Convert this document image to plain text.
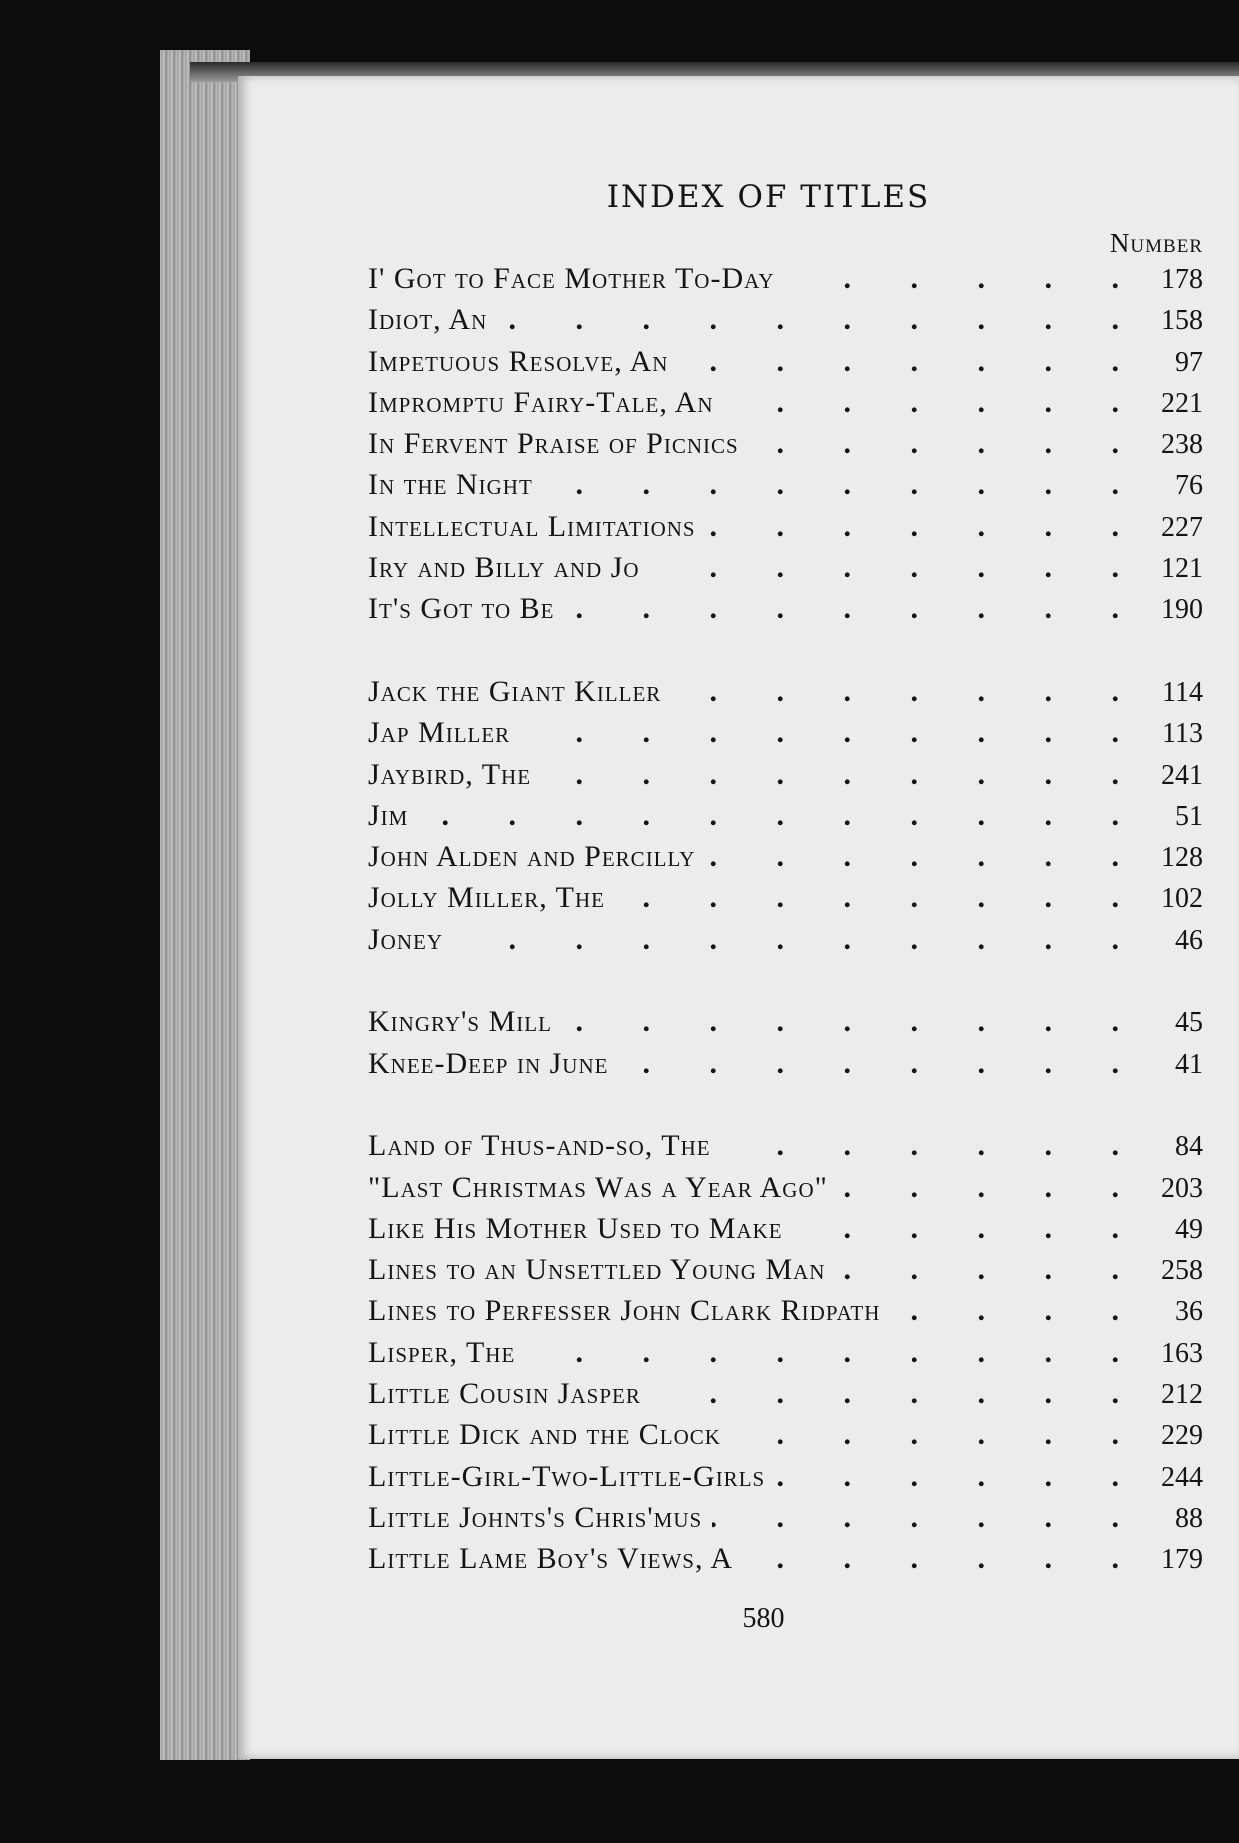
INDEX OF TITLES
Number
I' Got to Face Mother To-Day . . .	178
Idiot, An . . .	158
Impetuous Resolve, An . . .	97
Impromptu Fairy-Tale, An . . .	221
In Fervent Praise of Picnics . . .	238
In the Night . . .	76
Intellectual Limitations . . .	227
Iry and Billy and Jo . . .	121
It's Got to Be . . .	190
Jack the Giant Killer . . .	114
Jap Miller . . .	113
Jaybird, The . . .	241
Jim . . .	51
John Alden and Percilly . . .	128
Jolly Miller, The . . .	102
Joney . . .	46
Kingry's Mill . . .	45
Knee-Deep in June . . .	41
Land of Thus-and-so, The . . .	84
"Last Christmas Was a Year Ago" . . .	203
Like His Mother Used to Make . . .	49
Lines to an Unsettled Young Man . . .	258
Lines to Perfesser John Clark Ridpath . . .	36
Lisper, The . . .	163
Little Cousin Jasper . . .	212
Little Dick and the Clock . . .	229
Little-Girl-Two-Little-Girls . . .	244
Little Johnts's Chris'mus . . .	88
Little Lame Boy's Views, A . . .	179
580
